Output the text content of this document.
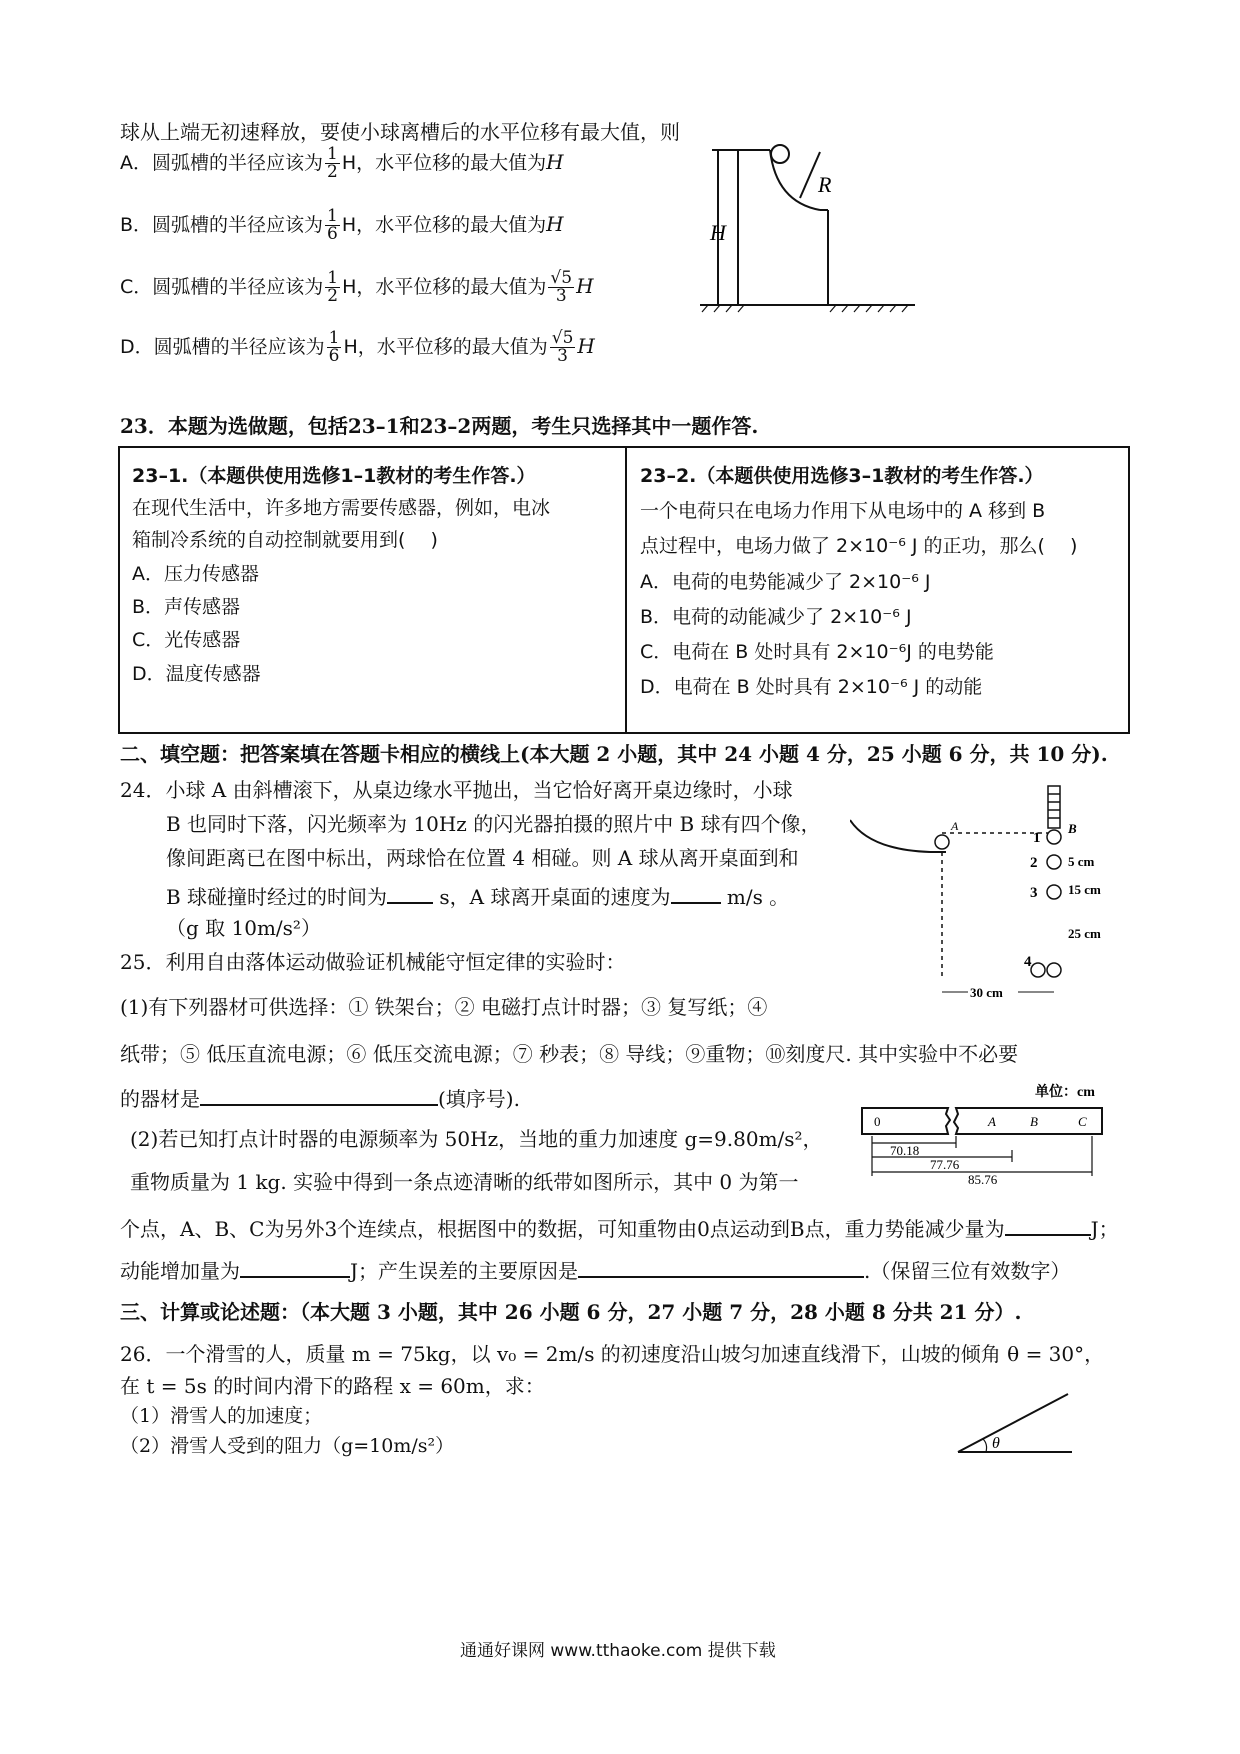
球从上端无初速释放，要使小球离槽后的水平位移有最大值，则
A．圆弧槽的半径应该为 $\frac{1}{2}$ H，水平位移的最大值为H
B．圆弧槽的半径应该为 $\frac{1}{6}$ H，水平位移的最大值为H
C．圆弧槽的半径应该为 $\frac{1}{2}$ H，水平位移的最大值为 $\frac{√5}{3}$ H
D．圆弧槽的半径应该为 $\frac{1}{6}$ H，水平位移的最大值为 $\frac{√5}{3}$ H
R
H
23．本题为选做题，包括23–1和23–2两题，考生只选择其中一题作答.
23–1.（本题供使用选修1–1教材的考生作答.）
在现代生活中，许多地方需要传感器，例如，电冰
箱制冷系统的自动控制就要用到(　 )
A．压力传感器
B．声传感器
C．光传感器
D．温度传感器
23–2.（本题供使用选修3–1教材的考生作答.）
一个电荷只在电场力作用下从电场中的 A 移到 B
点过程中，电场力做了 2×10⁻⁶ J 的正功，那么(　 )
A．电荷的电势能减少了 2×10⁻⁶ J
B．电荷的动能减少了 2×10⁻⁶ J
C．电荷在 B 处时具有 2×10⁻⁶J 的电势能
D．电荷在 B 处时具有 2×10⁻⁶ J 的动能
二、填空题：把答案填在答题卡相应的横线上(本大题 2 小题，其中 24 小题 4 分，25 小题 6 分，共 10 分).
24．小球 A 由斜槽滚下，从桌边缘水平抛出，当它恰好离开桌边缘时，小球
B 也同时下落，闪光频率为 10Hz 的闪光器拍摄的照片中 B 球有四个像，
像间距离已在图中标出，两球恰在位置 4 相碰。则 A 球从离开桌面到和
B 球碰撞时经过的时间为	s，A 球离开桌面的速度为	m/s 。
（g 取 10m/s²）
A
1
2
3
4
B
5 cm
15 cm
25 cm
30 cm
25．利用自由落体运动做验证机械能守恒定律的实验时：
(1)有下列器材可供选择：① 铁架台；② 电磁打点计时器；③ 复写纸；④
纸带；⑤ 低压直流电源；⑥ 低压交流电源；⑦ 秒表；⑧ 导线；⑨重物；⑩刻度尺. 其中实验中不必要
的器材是	(填序号).
(2)若已知打点计时器的电源频率为 50Hz，当地的重力加速度 g=9.80m/s²，
重物质量为 1 kg. 实验中得到一条点迹清晰的纸带如图所示，其中 0 为第一
个点，A、B、C为另外3个连续点，根据图中的数据，可知重物由0点运动到B点，重力势能减少量为	J；
动能增加量为	J；产生误差的主要原因是	.（保留三位有效数字）
单位：cm
0	A	B	C
70.18
77.76
85.76
三、计算或论述题：（本大题 3 小题，其中 26 小题 6 分，27 小题 7 分，28 小题 8 分共 21 分）.
26．一个滑雪的人，质量 m = 75kg，以 v₀ = 2m/s 的初速度沿山坡匀加速直线滑下，山坡的倾角 θ = 30°，
在 t = 5s 的时间内滑下的路程 x = 60m，求：
（1）滑雪人的加速度；
（2）滑雪人受到的阻力（g=10m/s²）	θ
通通好课网 www.tthaoke.com 提供下载
